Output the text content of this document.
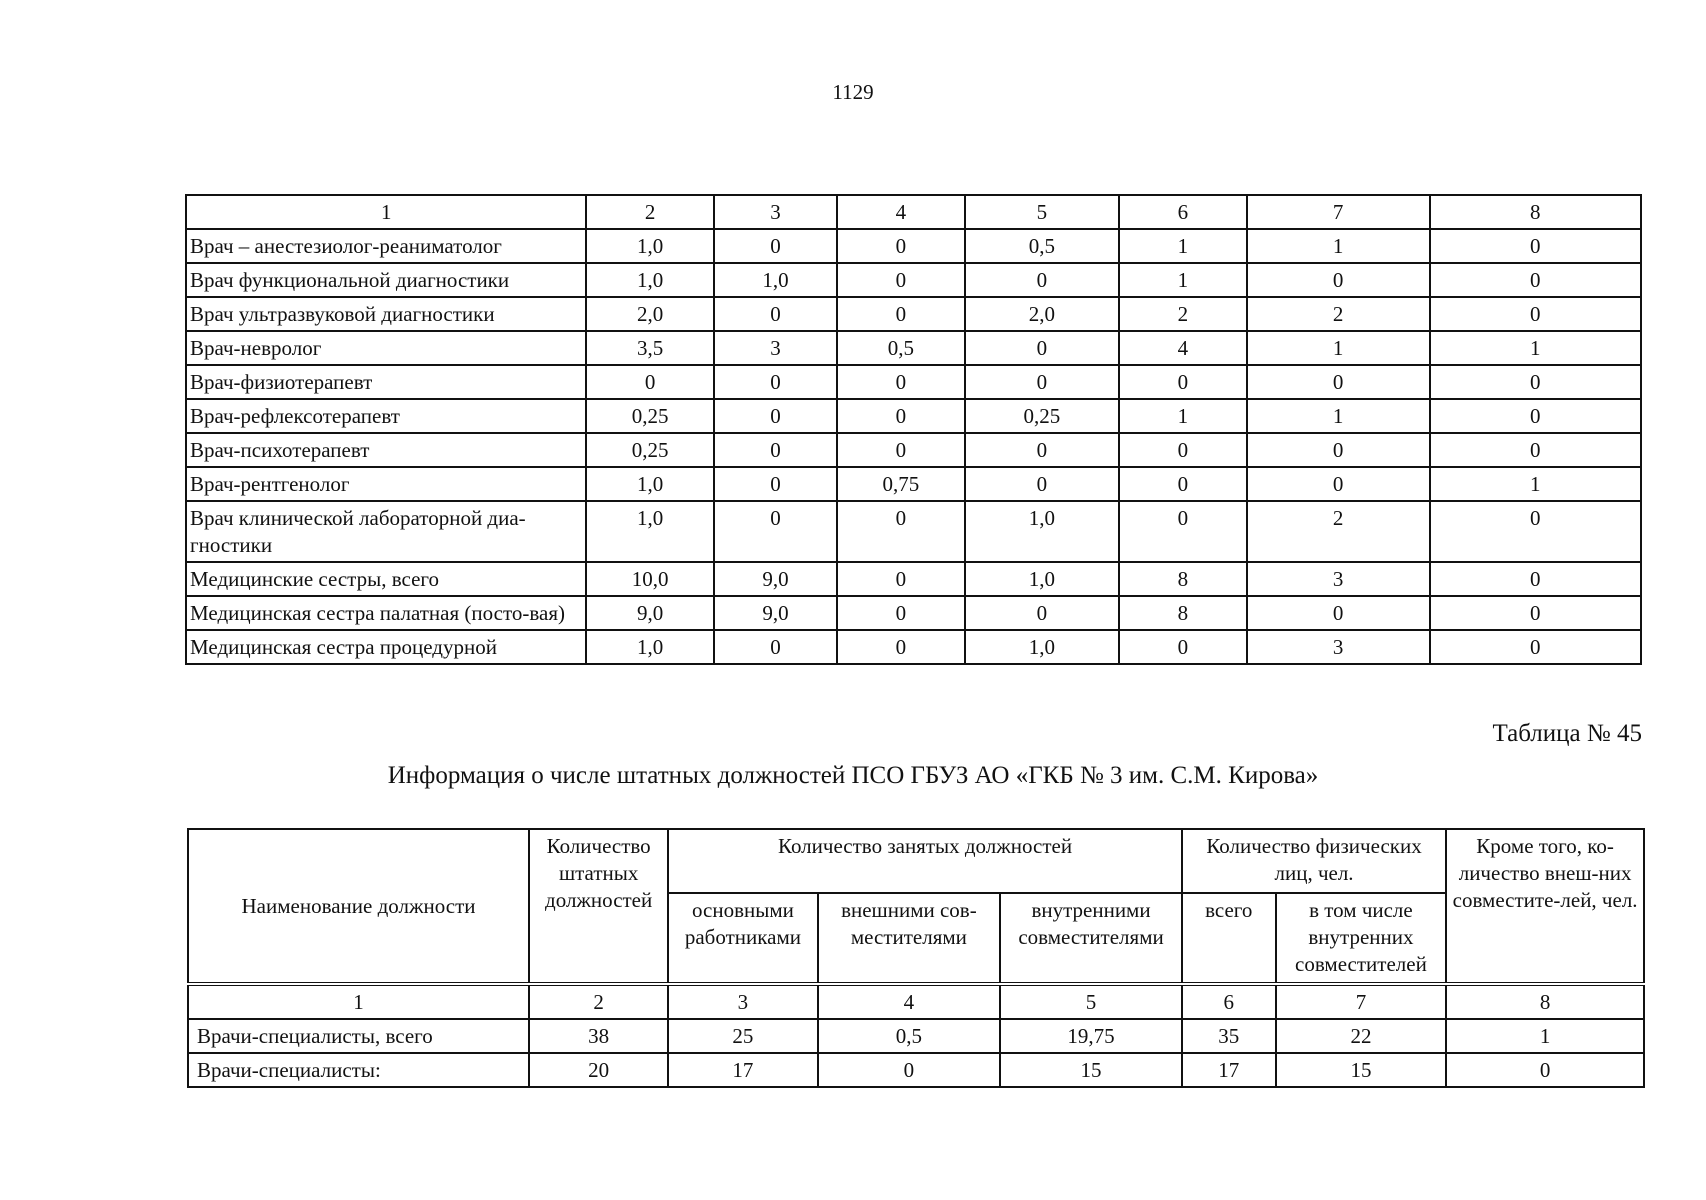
1129
1	2	3	4	5	6	7	8
Врач – анестезиолог-реаниматолог	1,0	0	0	0,5	1	1	0
Врач функциональной диагностики	1,0	1,0	0	0	1	0	0
Врач ультразвуковой диагностики	2,0	0	0	2,0	2	2	0
Врач-невролог	3,5	3	0,5	0	4	1	1
Врач-физиотерапевт	0	0	0	0	0	0	0
Врач-рефлексотерапевт	0,25	0	0	0,25	1	1	0
Врач-психотерапевт	0,25	0	0	0	0	0	0
Врач-рентгенолог	1,0	0	0,75	0	0	0	1
Врач клинической лабораторной диа-гностики	1,0	0	0	1,0	0	2	0
Медицинские сестры, всего	10,0	9,0	0	1,0	8	3	0
Медицинская сестра палатная (посто-вая)	9,0	9,0	0	0	8	0	0
Медицинская сестра процедурной	1,0	0	0	1,0	0	3	0
Таблица № 45
Информация о числе штатных должностей ПСО ГБУЗ АО «ГКБ № 3 им. С.М. Кирова»
Наименование должности	Количество штатных должностей	Количество занятых должностей			Количество физических лиц, чел.		Кроме того, ко-личество внеш-них совместите-лей, чел.
		основными работниками	внешними сов-местителями	внутренними совместителями	всего	в том числе внутренних совместителей	
1	2	3	4	5	6	7	8
Врачи-специалисты, всего	38	25	0,5	19,75	35	22	1
Врачи-специалисты:	20	17	0	15	17	15	0
